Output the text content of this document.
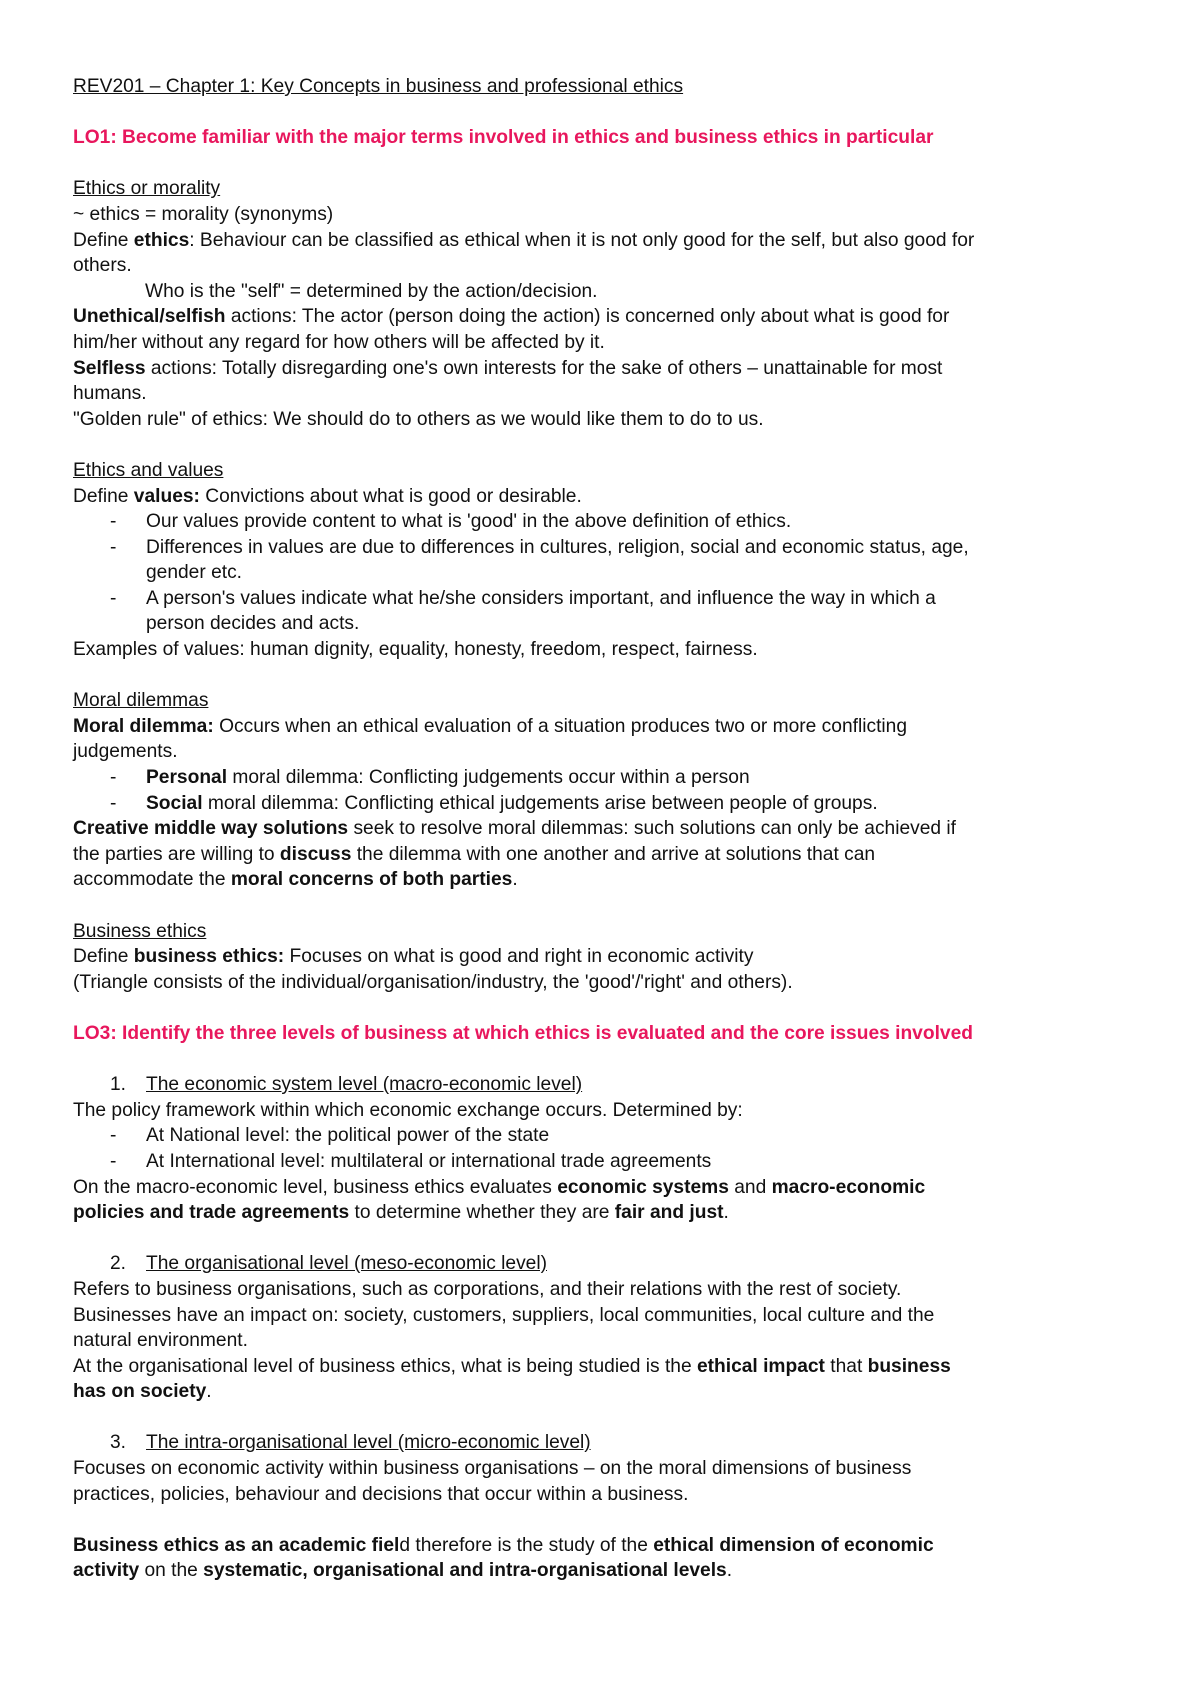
REV201 – Chapter 1: Key Concepts in business and professional ethics

LO1: Become familiar with the major terms involved in ethics and business ethics in particular

Ethics or morality

~ ethics = morality (synonyms)

Define ethics: Behaviour can be classified as ethical when it is not only good for the self, but also good for

others.

Who is the "self" = determined by the action/decision.

Unethical/selfish actions: The actor (person doing the action) is concerned only about what is good for

him/her without any regard for how others will be affected by it.

Selfless actions: Totally disregarding one's own interests for the sake of others – unattainable for most

humans.

"Golden rule" of ethics: We should do to others as we would like them to do to us.

Ethics and values

Define values: Convictions about what is good or desirable.

- Our values provide content to what is 'good' in the above definition of ethics.

- Differences in values are due to differences in cultures, religion, social and economic status, age,

gender etc.

- A person's values indicate what he/she considers important, and influence the way in which a

person decides and acts.

Examples of values: human dignity, equality, honesty, freedom, respect, fairness.

Moral dilemmas

Moral dilemma: Occurs when an ethical evaluation of a situation produces two or more conflicting

judgements.

- Personal moral dilemma: Conflicting judgements occur within a person

- Social moral dilemma: Conflicting ethical judgements arise between people of groups.

Creative middle way solutions seek to resolve moral dilemmas: such solutions can only be achieved if

the parties are willing to discuss the dilemma with one another and arrive at solutions that can

accommodate the moral concerns of both parties.

Business ethics

Define business ethics: Focuses on what is good and right in economic activity

(Triangle consists of the individual/organisation/industry, the 'good'/'right' and others).

LO3: Identify the three levels of business at which ethics is evaluated and the core issues involved

1. The economic system level (macro-economic level)

The policy framework within which economic exchange occurs. Determined by:

- At National level: the political power of the state

- At International level: multilateral or international trade agreements

On the macro-economic level, business ethics evaluates economic systems and macro-economic

policies and trade agreements to determine whether they are fair and just.

2. The organisational level (meso-economic level)

Refers to business organisations, such as corporations, and their relations with the rest of society.

Businesses have an impact on: society, customers, suppliers, local communities, local culture and the

natural environment.

At the organisational level of business ethics, what is being studied is the ethical impact that business

has on society.

3. The intra-organisational level (micro-economic level)

Focuses on economic activity within business organisations – on the moral dimensions of business

practices, policies, behaviour and decisions that occur within a business.

Business ethics as an academic field therefore is the study of the ethical dimension of economic

activity on the systematic, organisational and intra-organisational levels.
